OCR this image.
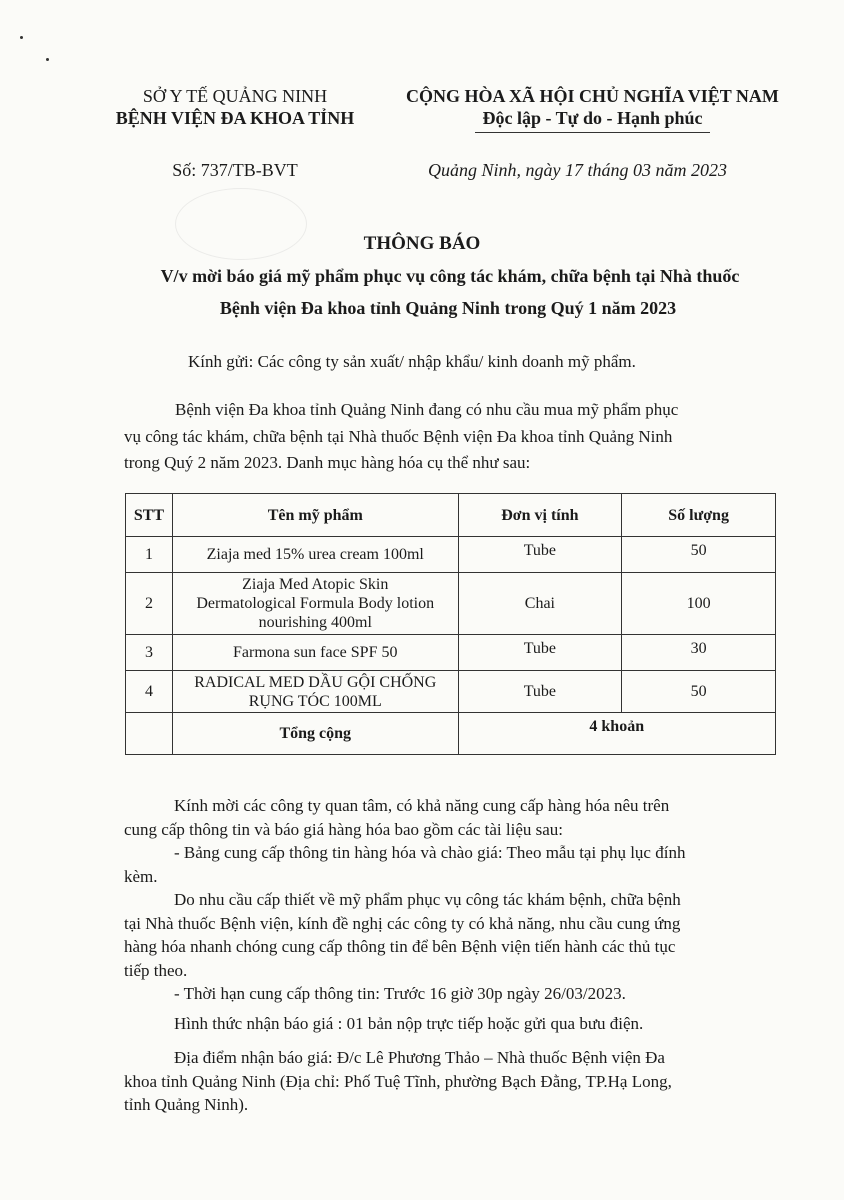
SỞ Y TẾ QUẢNG NINH
BỆNH VIỆN ĐA KHOA TỈNH
CỘNG HÒA XÃ HỘI CHỦ NGHĨA VIỆT NAM
Độc lập - Tự do - Hạnh phúc
Số: 737/TB-BVT	Quảng Ninh, ngày 17 tháng 03 năm 2023
THÔNG BÁO
V/v mời báo giá mỹ phẩm phục vụ công tác khám, chữa bệnh tại Nhà thuốc
Bệnh viện Đa khoa tỉnh Quảng Ninh trong Quý 1 năm 2023
Kính gửi: Các công ty sản xuất/ nhập khẩu/ kinh doanh mỹ phẩm.
Bệnh viện Đa khoa tỉnh Quảng Ninh đang có nhu cầu mua mỹ phẩm phục
vụ công tác khám, chữa bệnh tại Nhà thuốc Bệnh viện Đa khoa tỉnh Quảng Ninh
trong Quý 2 năm 2023. Danh mục hàng hóa cụ thể như sau:
STT	Tên mỹ phẩm	Đơn vị tính	Số lượng
1	Ziaja med 15% urea cream 100ml	Tube	50
2	Ziaja Med Atopic Skin
Dermatological Formula Body lotion
nourishing 400ml	Chai	100
3	Farmona sun face SPF 50	Tube	30
4	RADICAL MED DẦU GỘI CHỐNG
RỤNG TÓC 100ML	Tube	50
	Tổng cộng	4 khoản	
Kính mời các công ty quan tâm, có khả năng cung cấp hàng hóa nêu trên
cung cấp thông tin và báo giá hàng hóa bao gồm các tài liệu sau:
- Bảng cung cấp thông tin hàng hóa và chào giá: Theo mẫu tại phụ lục đính
kèm.
Do nhu cầu cấp thiết về mỹ phẩm phục vụ công tác khám bệnh, chữa bệnh
tại Nhà thuốc Bệnh viện, kính đề nghị các công ty có khả năng, nhu cầu cung ứng
hàng hóa nhanh chóng cung cấp thông tin để bên Bệnh viện tiến hành các thủ tục
tiếp theo.
- Thời hạn cung cấp thông tin: Trước 16 giờ 30p ngày 26/03/2023.
Hình thức nhận báo giá : 01 bản nộp trực tiếp hoặc gửi qua bưu điện.
Địa điểm nhận báo giá: Đ/c Lê Phương Thảo – Nhà thuốc Bệnh viện Đa
khoa tỉnh Quảng Ninh (Địa chỉ: Phố Tuệ Tĩnh, phường Bạch Đằng, TP.Hạ Long,
tỉnh Quảng Ninh).
